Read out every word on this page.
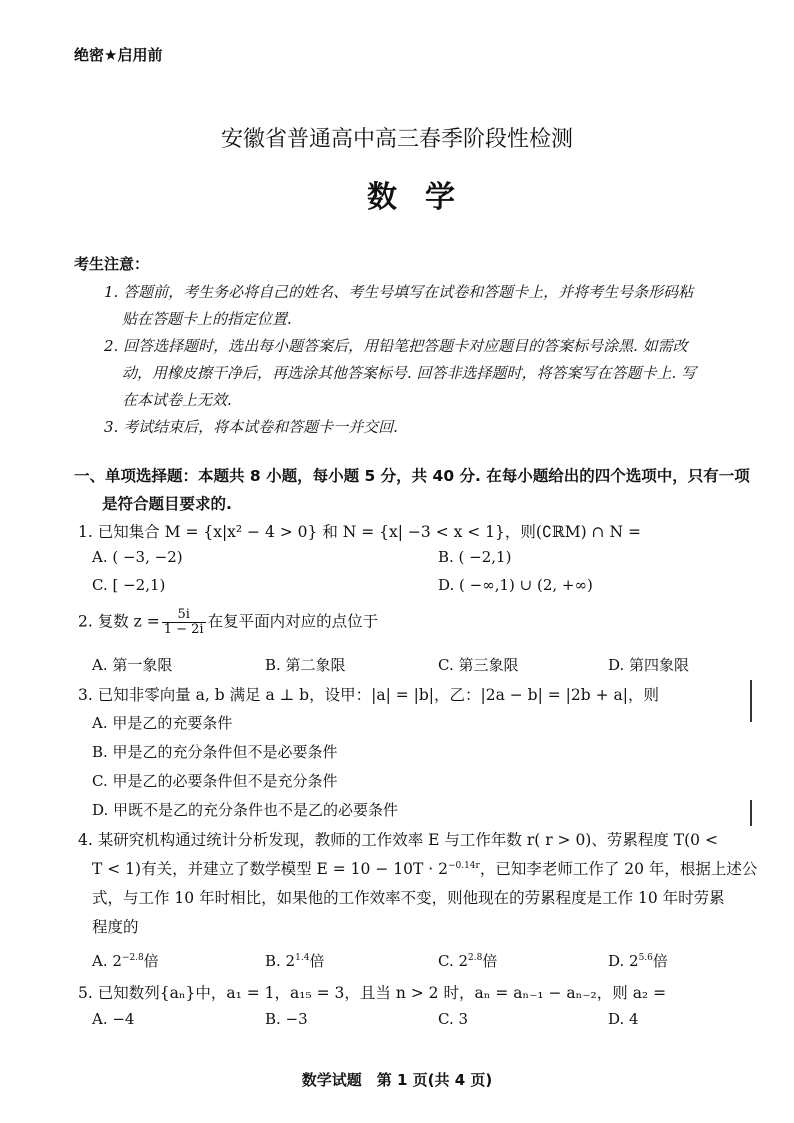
绝密★启用前
安徽省普通高中高三春季阶段性检测
数学
考生注意：
1. 答题前，考生务必将自己的姓名、考生号填写在试卷和答题卡上，并将考生号条形码粘
贴在答题卡上的指定位置.
2. 回答选择题时，选出每小题答案后，用铅笔把答题卡对应题目的答案标号涂黑. 如需改
动，用橡皮擦干净后，再选涂其他答案标号. 回答非选择题时，将答案写在答题卡上. 写
在本试卷上无效.
3. 考试结束后，将本试卷和答题卡一并交回.
一、单项选择题：本题共 8 小题，每小题 5 分，共 40 分. 在每小题给出的四个选项中，只有一项
是符合题目要求的.
1. 已知集合 M = {x|x² − 4 > 0} 和 N = {x| −3 < x < 1}，则(∁ℝM) ∩ N =
A. ( −3, −2)	B. ( −2,1)
C. [ −2,1)	D. ( −∞,1) ∪ (2, +∞)
2. 复数 $z = \frac{5i}{1 - 2i}$ 在复平面内对应的点位于
A. 第一象限	B. 第二象限	C. 第三象限	D. 第四象限
3. 已知非零向量 a, b 满足 a ⊥ b，设甲：|a| = |b|，乙：|2a − b| = |2b + a|，则
A. 甲是乙的充要条件
B. 甲是乙的充分条件但不是必要条件
C. 甲是乙的必要条件但不是充分条件
D. 甲既不是乙的充分条件也不是乙的必要条件
4. 某研究机构通过统计分析发现，教师的工作效率 E 与工作年数 r( r > 0)、劳累程度 T(0 <
T < 1)有关，并建立了数学模型 $E = 10 - 10T \cdot 2^{-0.14r}$，已知李老师工作了 20 年，根据上述公
式，与工作 10 年时相比，如果他的工作效率不变，则他现在的劳累程度是工作 10 年时劳累
程度的
A. $2^{-2.8}$倍	B. $2^{1.4}$倍	C. $2^{2.8}$倍	D. $2^{5.6}$倍
5. 已知数列{aₙ}中，a₁ = 1，a₁₅ = 3，且当 n > 2 时，aₙ = aₙ₋₁ − aₙ₋₂，则 a₂ =
A. −4	B. −3	C. 3	D. 4
数学试题　第 1 页(共 4 页)
